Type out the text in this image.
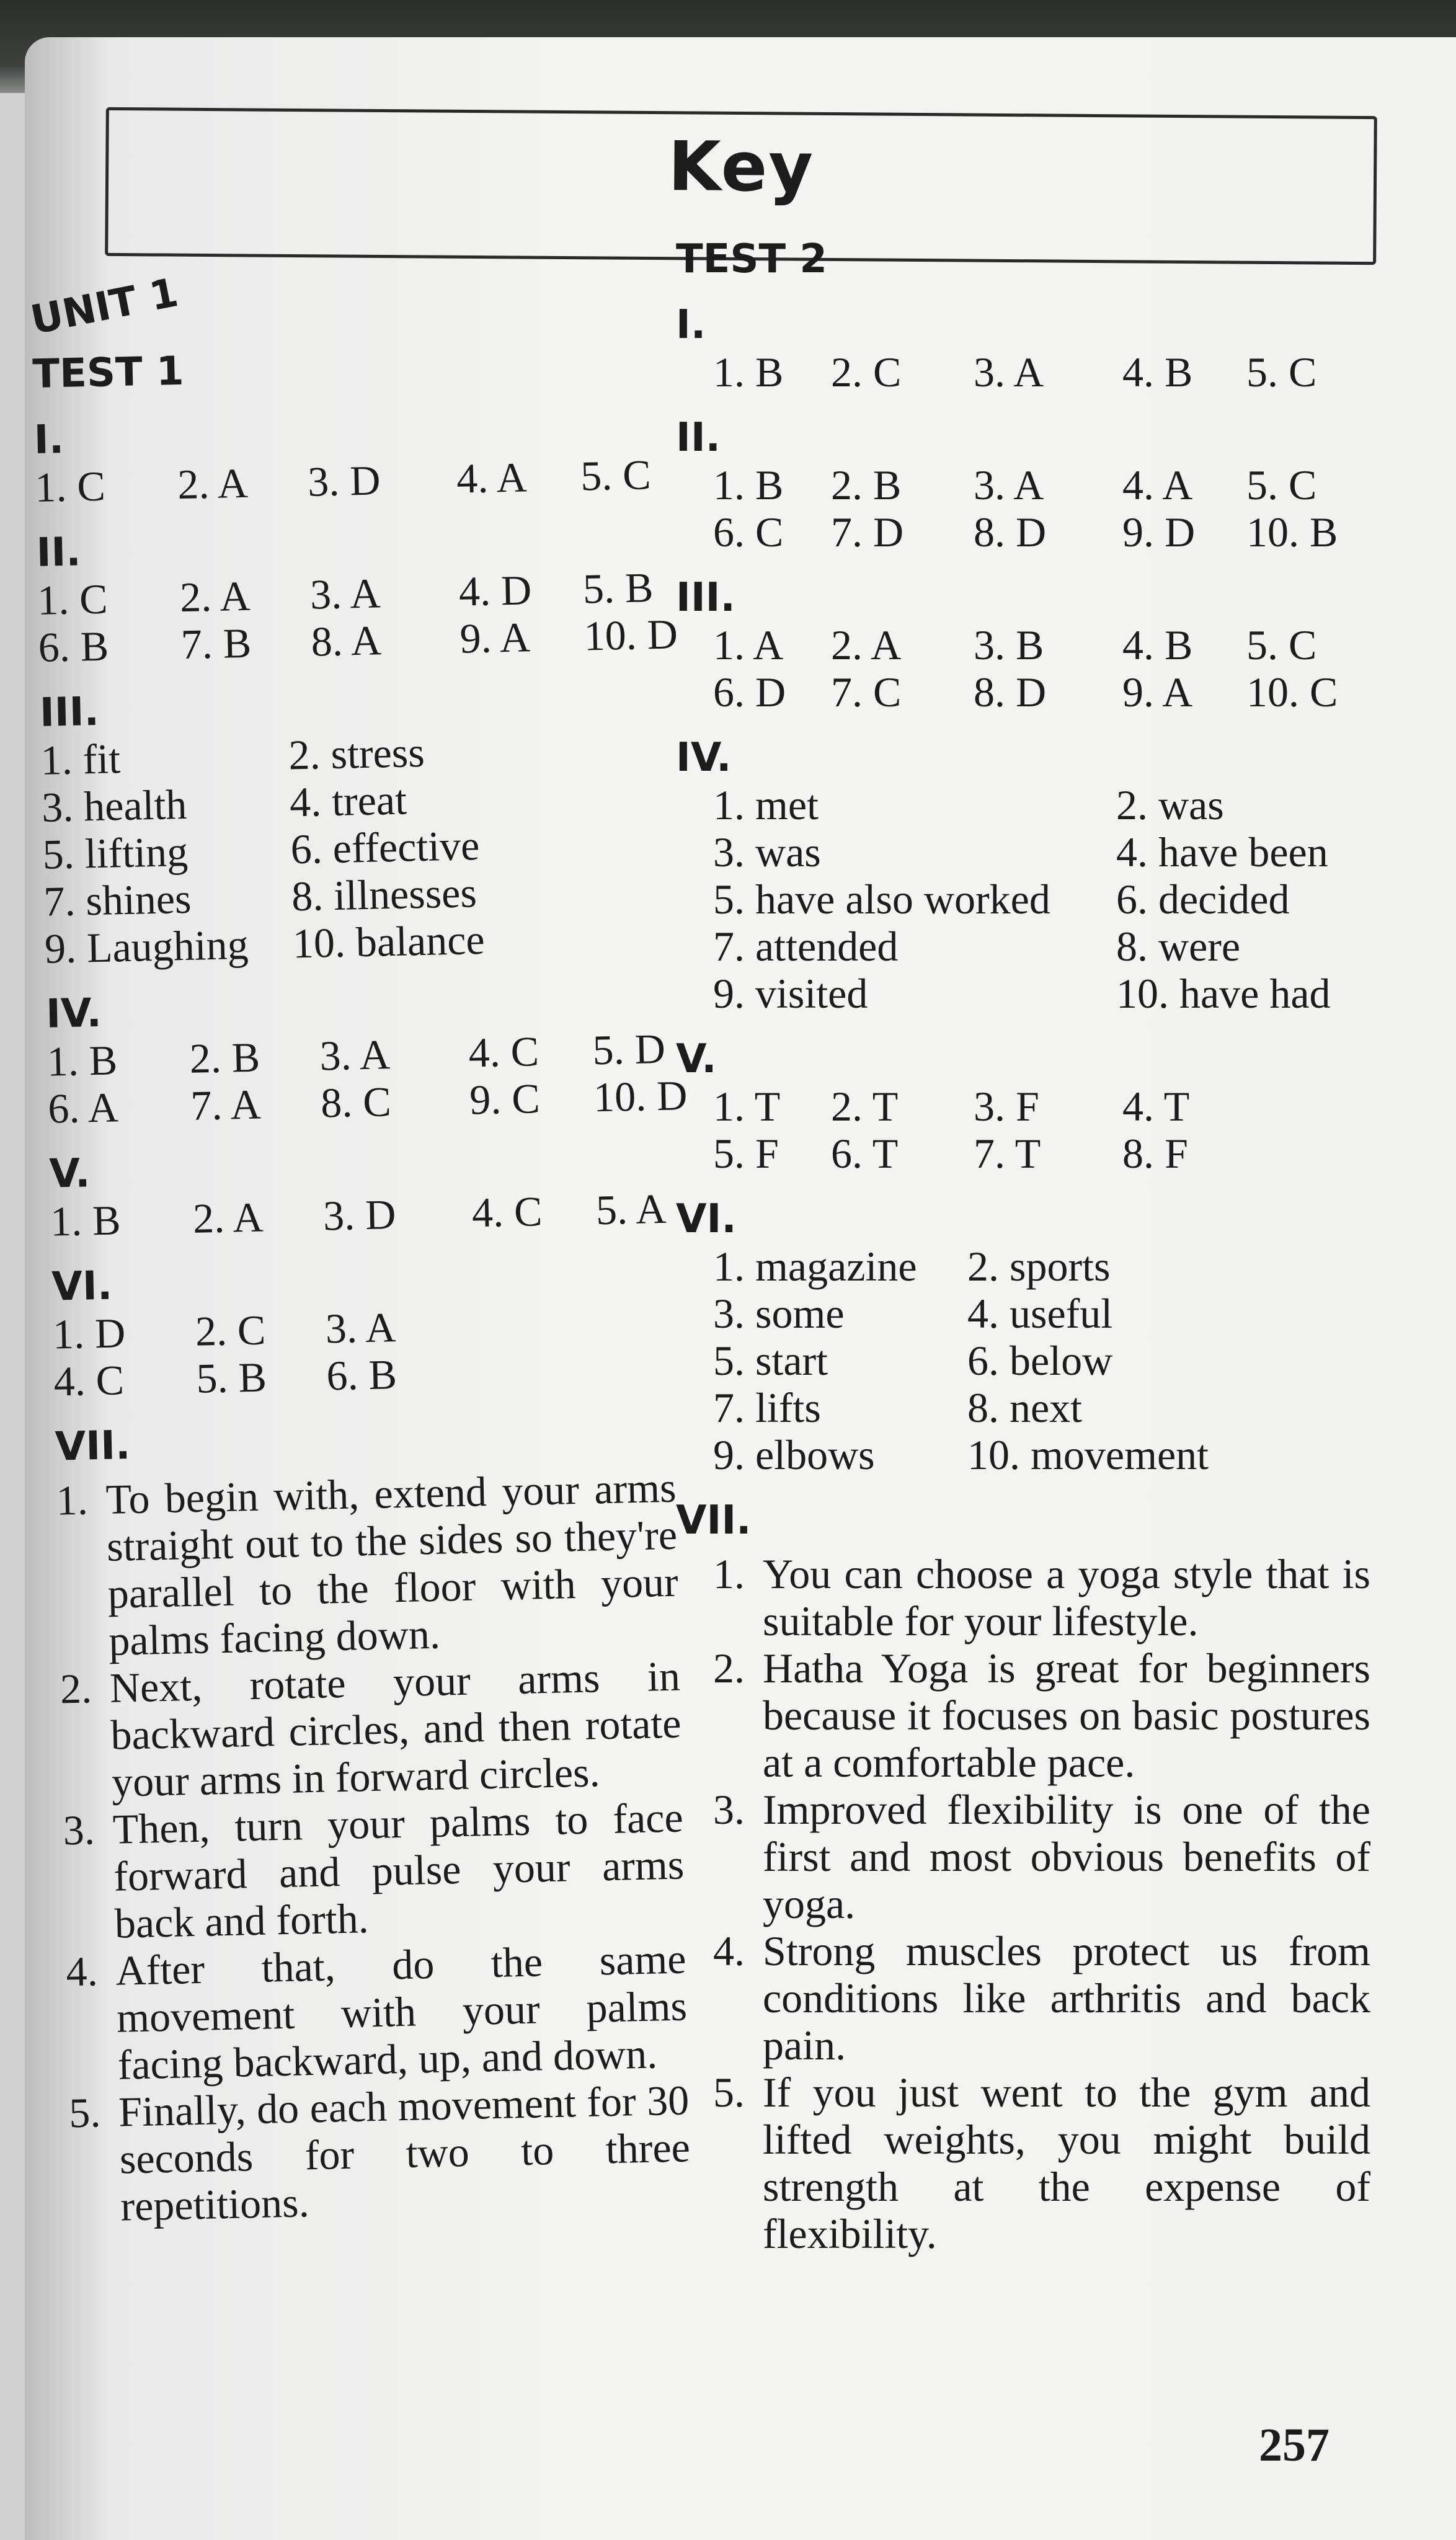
Key
UNIT 1
TEST 1
I.
1. C	2. A	3. D	4. A	5. C
II.
1. C	2. A	3. A	4. D	5. B
6. B	7. B	8. A	9. A	10. D
III.
1. fit	2. stress
3. health	4. treat
5. lifting	6. effective
7. shines	8. illnesses
9. Laughing	10. balance
IV.
1. B	2. B	3. A	4. C	5. D
6. A	7. A	8. C	9. C	10. D
V.
1. B	2. A	3. D	4. C	5. A
VI.
1. D	2. C	3. A
4. C	5. B	6. B
VII.
1. To begin with, extend your arms straight out to the sides so they're parallel to the floor with your palms facing down.
2. Next, rotate your arms in backward circles, and then rotate your arms in forward circles.
3. Then, turn your palms to face forward and pulse your arms back and forth.
4. After that, do the same movement with your palms facing backward, up, and down.
5. Finally, do each movement for 30 seconds for two to three repetitions.
TEST 2
I.
1. B	2. C	3. A	4. B	5. C
II.
1. B	2. B	3. A	4. A	5. C
6. C	7. D	8. D	9. D	10. B
III.
1. A	2. A	3. B	4. B	5. C
6. D	7. C	8. D	9. A	10. C
IV.
1. met	2. was
3. was	4. have been
5. have also worked	6. decided
7. attended	8. were
9. visited	10. have had
V.
1. T	2. T	3. F	4. T
5. F	6. T	7. T	8. F
VI.
1. magazine	2. sports
3. some	4. useful
5. start	6. below
7. lifts	8. next
9. elbows	10. movement
VII.
1. You can choose a yoga style that is suitable for your lifestyle.
2. Hatha Yoga is great for beginners because it focuses on basic postures at a comfortable pace.
3. Improved flexibility is one of the first and most obvious benefits of yoga.
4. Strong muscles protect us from conditions like arthritis and back pain.
5. If you just went to the gym and lifted weights, you might build strength at the expense of flexibility.
257
